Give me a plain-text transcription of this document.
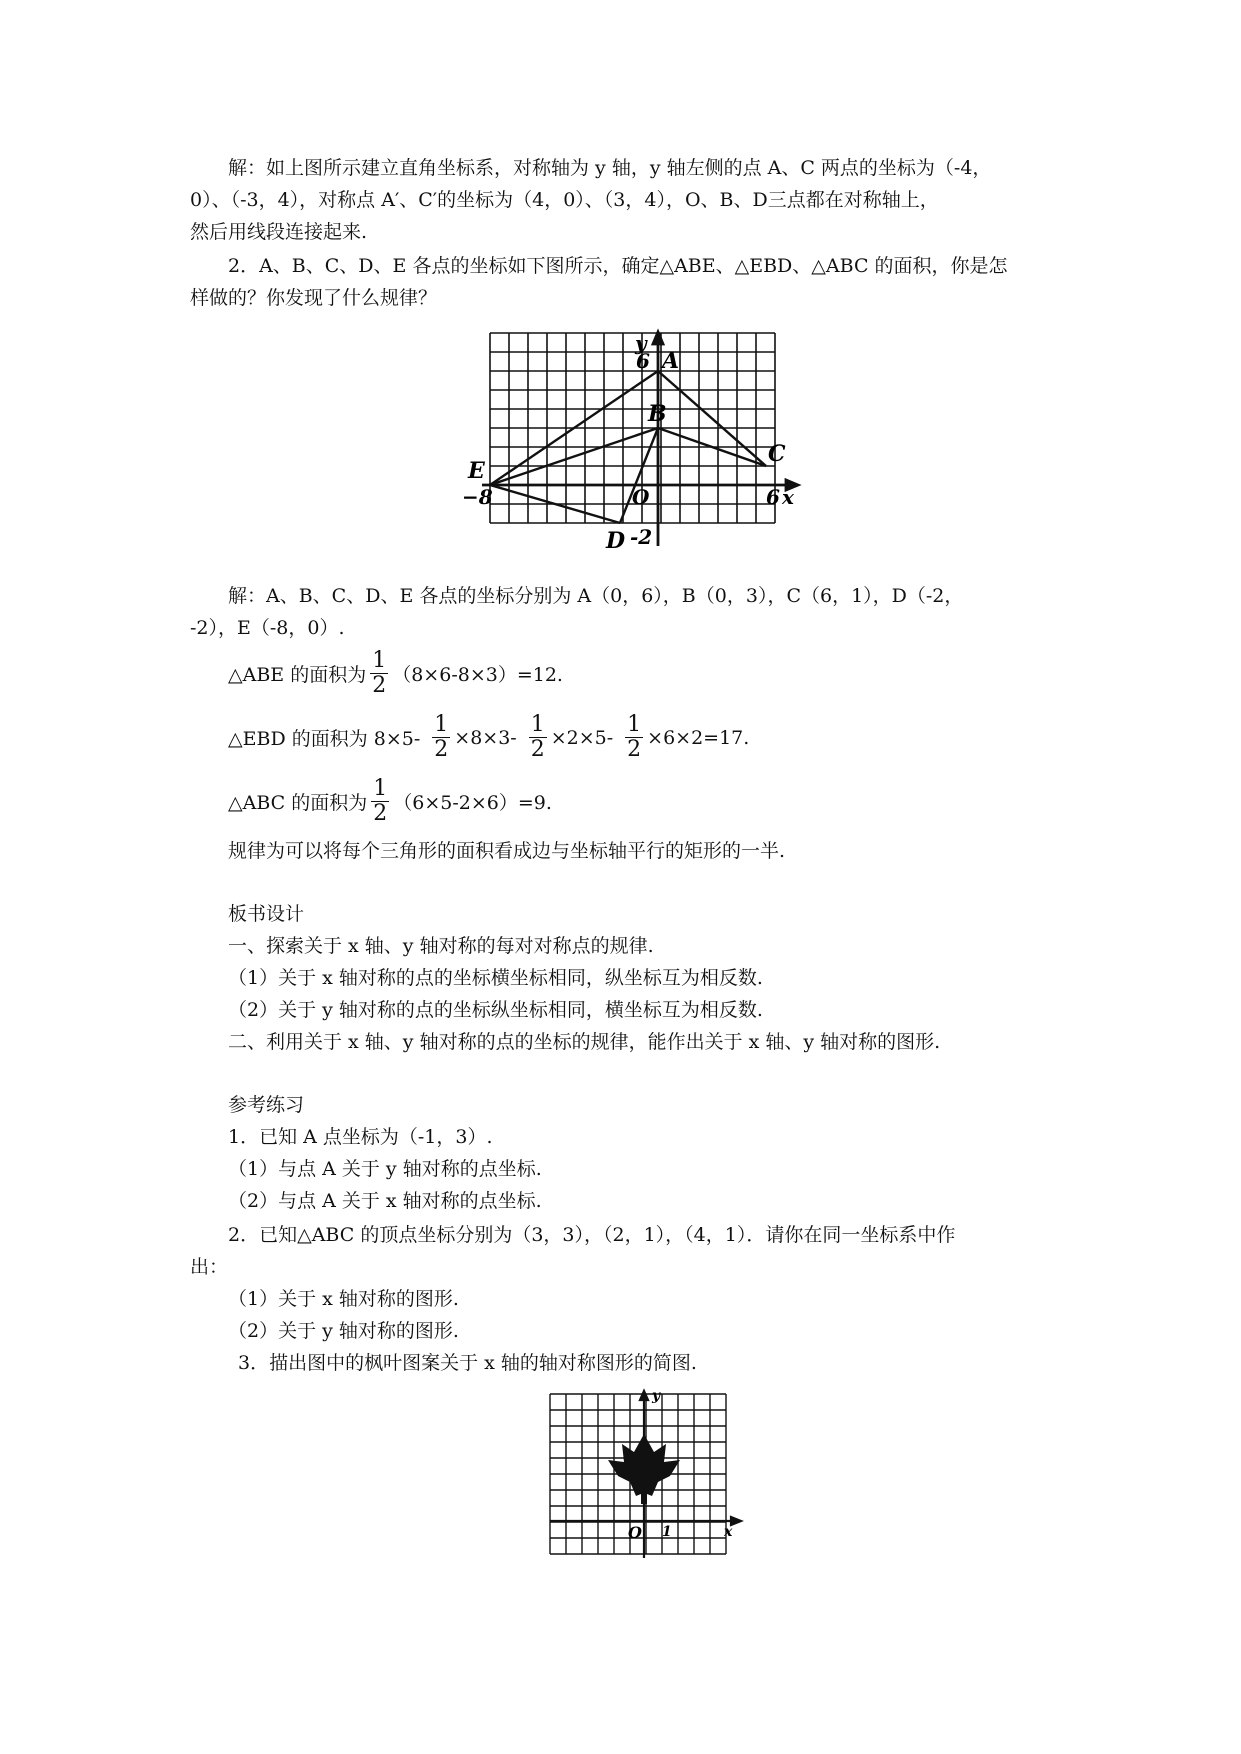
解：如上图所示建立直角坐标系，对称轴为 y 轴，y 轴左侧的点 A、C 两点的坐标为（-4，
0）、（-3，4），对称点 A′、C′的坐标为（4，0）、（3，4），O、B、D三点都在对称轴上，
然后用线段连接起来.
2．A、B、C、D、E 各点的坐标如下图所示，确定△ABE、△EBD、△ABC 的面积，你是怎
样做的？你发现了什么规律？
y
6 A
B
C
D -2
E
−8	O	6 x
解：A、B、C、D、E 各点的坐标分别为 A（0，6），B（0，3），C（6，1），D（-2，
-2），E（-8，0）.
△ABE 的面积为 $\frac{1}{2} (8\times 6-8\times 3)=12$.
△EBD 的面积为 $8\times 5- \frac{1}{2} \times 8\times 3- \frac{1}{2} \times 2\times 5- \frac{1}{2} \times 6\times 2=17$.
△ABC 的面积为 $\frac{1}{2} (6\times 5-2\times 6)=9$.
规律为可以将每个三角形的面积看成边与坐标轴平行的矩形的一半.
板书设计
一、探索关于 x 轴、y 轴对称的每对对称点的规律.
（1）关于 x 轴对称的点的坐标横坐标相同，纵坐标互为相反数.
（2）关于 y 轴对称的点的坐标纵坐标相同，横坐标互为相反数.
二、利用关于 x 轴、y 轴对称的点的坐标的规律，能作出关于 x 轴、y 轴对称的图形.
参考练习
1．已知 A 点坐标为（-1，3）.
（1）与点 A 关于 y 轴对称的点坐标.
（2）与点 A 关于 x 轴对称的点坐标.
2．已知△ABC 的顶点坐标分别为（3，3），（2，1），（4，1）．请你在同一坐标系中作
出：
（1）关于 x 轴对称的图形.
（2）关于 y 轴对称的图形.
3．描出图中的枫叶图案关于 x 轴的轴对称图形的简图.
y
O 1	x
